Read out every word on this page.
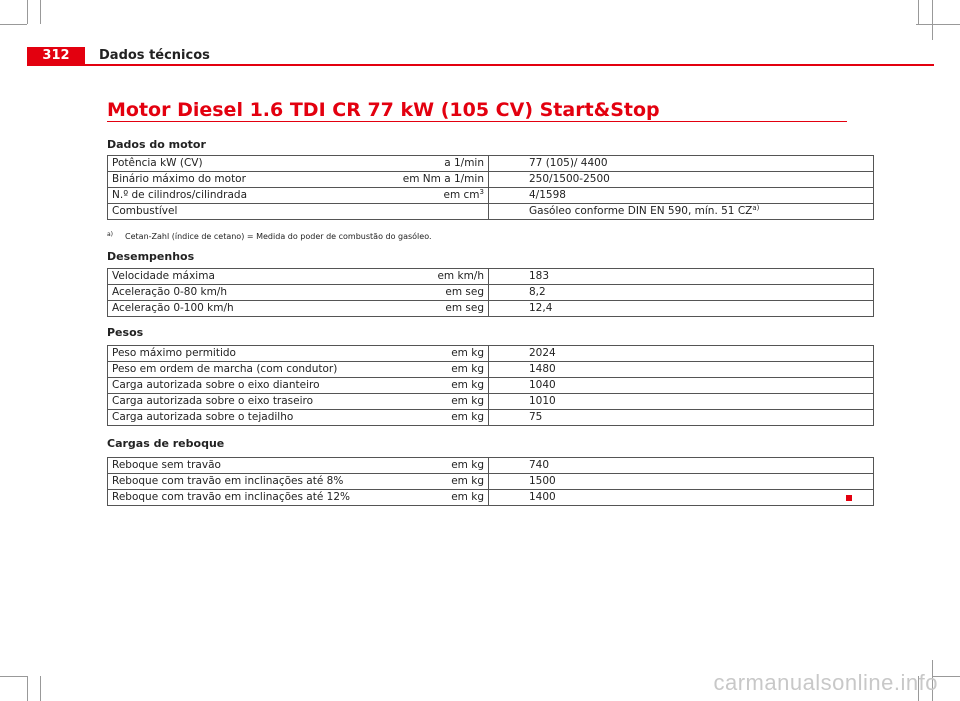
312	Dados técnicos
Motor Diesel 1.6 TDI CR 77 kW (105 CV) Start&Stop
Dados do motor
Potência kW (CV)	a 1/min	77 (105)/ 4400
Binário máximo do motor	em Nm a 1/min	250/1500-2500
N.º de cilindros/cilindrada	em $cm^3$	4/1598
Combustível		Gasóleo conforme DIN EN 590, mín. 51 CZ$^{a)}$
$^{a)}$ Cetan-Zahl (índice de cetano) = Medida do poder de combustão do gasóleo.
Desempenhos
Velocidade máxima	em km/h	183
Aceleração 0-80 km/h	em seg	8,2
Aceleração 0-100 km/h	em seg	12,4
Pesos
Peso máximo permitido	em kg	2024
Peso em ordem de marcha (com condutor)	em kg	1480
Carga autorizada sobre o eixo dianteiro	em kg	1040
Carga autorizada sobre o eixo traseiro	em kg	1010
Carga autorizada sobre o tejadilho	em kg	75
Cargas de reboque
Reboque sem travão	em kg	740
Reboque com travão em inclinações até 8%	em kg	1500
Reboque com travão em inclinações até 12%	em kg	1400
carmanualsonline.info
